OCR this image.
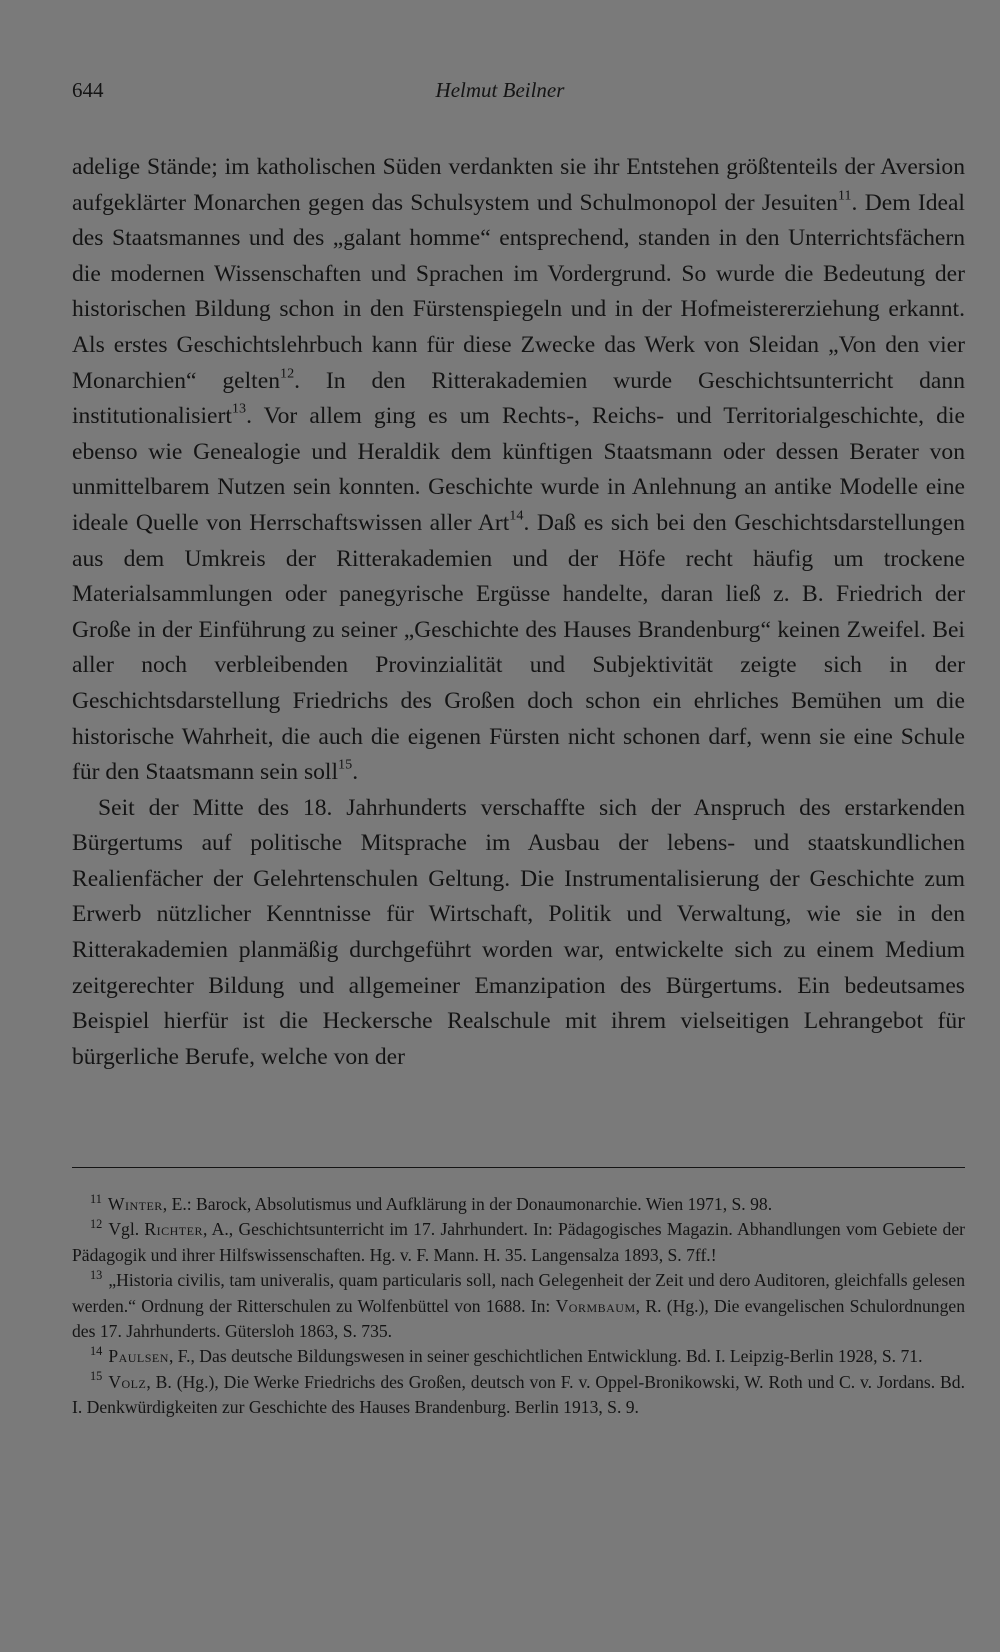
644	Helmut Beilner

adelige Stände; im katholischen Süden verdankten sie ihr Entstehen größtenteils der Aversion aufgeklärter Monarchen gegen das Schulsystem und Schulmonopol der Jesuiten$^{11}$. Dem Ideal des Staatsmannes und des „galant homme“ entsprechend, standen in den Unterrichtsfächern die modernen Wissenschaften und Sprachen im Vordergrund. So wurde die Bedeutung der historischen Bildung schon in den Fürstenspiegeln und in der Hofmeistererziehung erkannt. Als erstes Geschichtslehrbuch kann für diese Zwecke das Werk von Sleidan „Von den vier Monarchien“ gelten$^{12}$. In den Ritterakademien wurde Geschichtsunterricht dann institutionalisiert$^{13}$. Vor allem ging es um Rechts-, Reichs- und Territorialgeschichte, die ebenso wie Genealogie und Heraldik dem künftigen Staatsmann oder dessen Berater von unmittelbarem Nutzen sein konnten. Geschichte wurde in Anlehnung an antike Modelle eine ideale Quelle von Herrschaftswissen aller Art$^{14}$. Daß es sich bei den Geschichtsdarstellungen aus dem Umkreis der Ritterakademien und der Höfe recht häufig um trockene Materialsammlungen oder panegyrische Ergüsse handelte, daran ließ z. B. Friedrich der Große in der Einführung zu seiner „Geschichte des Hauses Brandenburg“ keinen Zweifel. Bei aller noch verbleibenden Provinzialität und Subjektivität zeigte sich in der Geschichtsdarstellung Friedrichs des Großen doch schon ein ehrliches Bemühen um die historische Wahrheit, die auch die eigenen Fürsten nicht schonen darf, wenn sie eine Schule für den Staatsmann sein soll$^{15}$.

Seit der Mitte des 18. Jahrhunderts verschaffte sich der Anspruch des erstarkenden Bürgertums auf politische Mitsprache im Ausbau der lebens- und staatskundlichen Realienfächer der Gelehrtenschulen Geltung. Die Instrumentalisierung der Geschichte zum Erwerb nützlicher Kenntnisse für Wirtschaft, Politik und Verwaltung, wie sie in den Ritterakademien planmäßig durchgeführt worden war, entwickelte sich zu einem Medium zeitgerechter Bildung und allgemeiner Emanzipation des Bürgertums. Ein bedeutsames Beispiel hierfür ist die Heckersche Realschule mit ihrem vielseitigen Lehrangebot für bürgerliche Berufe, welche von der

$^{11}$ Winter, E.: Barock, Absolutismus und Aufklärung in der Donaumonarchie. Wien 1971, S. 98.

$^{12}$ Vgl. Richter, A., Geschichtsunterricht im 17. Jahrhundert. In: Pädagogisches Magazin. Abhandlungen vom Gebiete der Pädagogik und ihrer Hilfswissenschaften. Hg. v. F. Mann. H. 35. Langensalza 1893, S. 7ff.!

$^{13}$ „Historia civilis, tam univeralis, quam particularis soll, nach Gelegenheit der Zeit und dero Auditoren, gleichfalls gelesen werden.“ Ordnung der Ritterschulen zu Wolfenbüttel von 1688. In: Vormbaum, R. (Hg.), Die evangelischen Schulordnungen des 17. Jahrhunderts. Gütersloh 1863, S. 735.

$^{14}$ Paulsen, F., Das deutsche Bildungswesen in seiner geschichtlichen Entwicklung. Bd. I. Leipzig-Berlin 1928, S. 71.

$^{15}$ Volz, B. (Hg.), Die Werke Friedrichs des Großen, deutsch von F. v. Oppel-Bronikowski, W. Roth und C. v. Jordans. Bd. I. Denkwürdigkeiten zur Geschichte des Hauses Brandenburg. Berlin 1913, S. 9.
